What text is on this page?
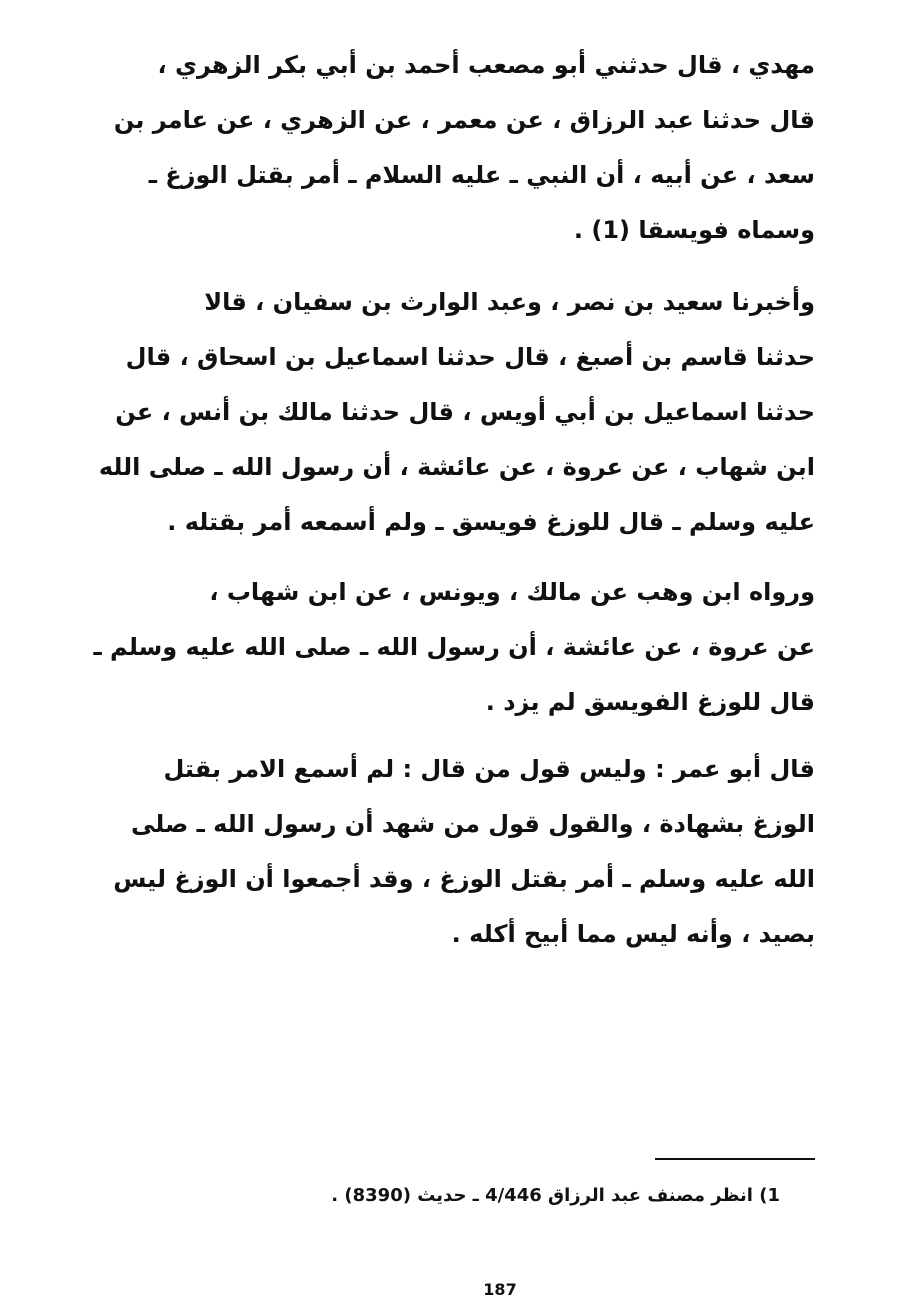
مهدي ، قال حدثني أبو مصعب أحمد بن أبي بكر الزهري ،
قال حدثنا عبد الرزاق ، عن معمر ، عن الزهري ، عن عامر بن
سعد ، عن أبيه ، أن النبي ـ عليه السلام ـ أمر بقتل الوزغ ـ
وسماه فويسقا (1) .
وأخبرنا سعيد بن نصر ، وعبد الوارث بن سفيان ، قالا
حدثنا قاسم بن أصبغ ، قال حدثنا اسماعيل بن اسحاق ، قال
حدثنا اسماعيل بن أبي أويس ، قال حدثنا مالك بن أنس ، عن
ابن شهاب ، عن عروة ، عن عائشة ، أن رسول الله ـ صلى الله
عليه وسلم ـ قال للوزغ فويسق ـ ولم أسمعه أمر بقتله .
ورواه ابن وهب عن مالك ، ويونس ، عن ابن شهاب ،
عن عروة ، عن عائشة ، أن رسول الله ـ صلى الله عليه وسلم ـ
قال للوزغ الفويسق لم يزد .
قال أبو عمر : وليس قول من قال : لم أسمع الامر بقتل
الوزغ بشهادة ، والقول قول من شهد أن رسول الله ـ صلى
الله عليه وسلم ـ أمر بقتل الوزغ ، وقد أجمعوا أن الوزغ ليس
بصيد ، وأنه ليس مما أبيح أكله .
1) انظر مصنف عبد الرزاق 4/446 ـ حديث (8390) .
187
